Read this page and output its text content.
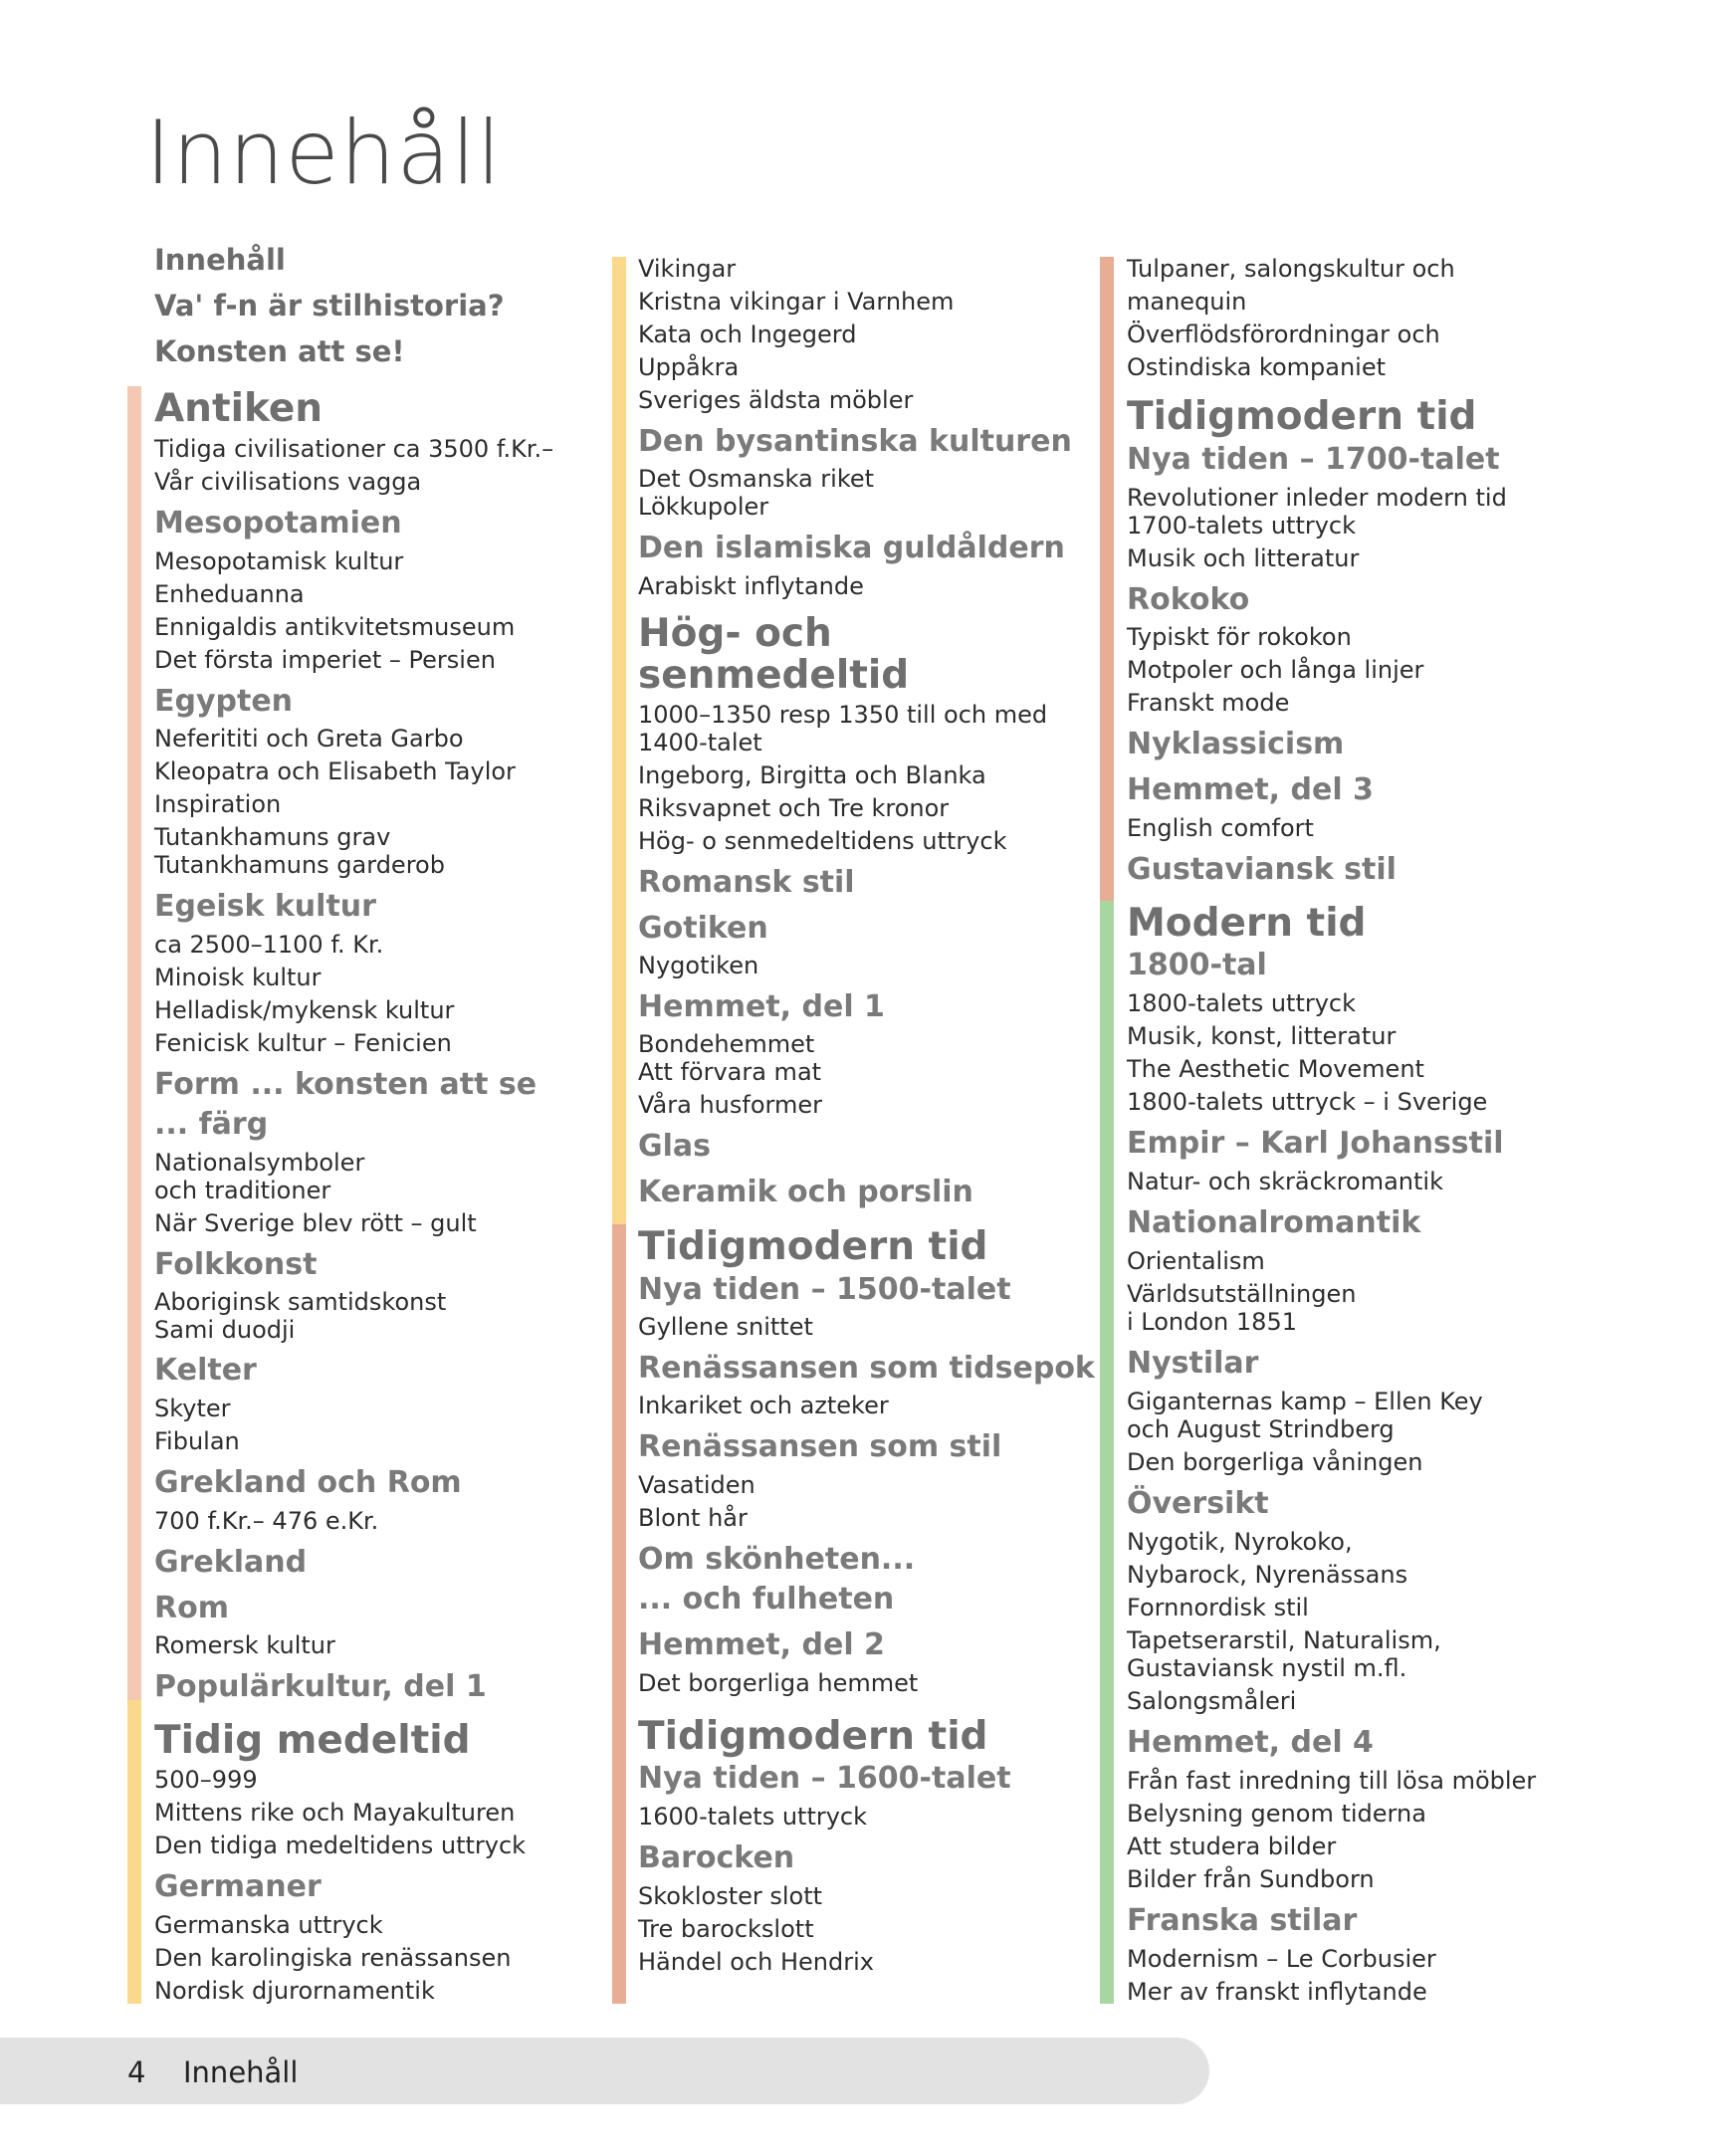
Innehåll
Innehåll
Va' f-n är stilhistoria?
Konsten att se!
Antiken
Tidiga civilisationer ca 3500 f.Kr.–
Vår civilisations vagga
Mesopotamien
Mesopotamisk kultur
Enheduanna
Ennigaldis antikvitetsmuseum
Det första imperiet – Persien
Egypten
Neferititi och Greta Garbo
Kleopatra och Elisabeth Taylor
Inspiration
Tutankhamuns grav
Tutankhamuns garderob
Egeisk kultur
ca 2500–1100 f. Kr.
Minoisk kultur
Helladisk/mykensk kultur
Fenicisk kultur – Fenicien
Form ... konsten att se
... färg
Nationalsymboler
och traditioner
När Sverige blev rött – gult
Folkkonst
Aboriginsk samtidskonst
Sami duodji
Kelter
Skyter
Fibulan
Grekland och Rom
700 f.Kr.– 476 e.Kr.
Grekland
Rom
Romersk kultur
Populärkultur, del 1
Tidig medeltid
500–999
Mittens rike och Mayakulturen
Den tidiga medeltidens uttryck
Germaner
Germanska uttryck
Den karolingiska renässansen
Nordisk djurornamentik
Vikingar
Kristna vikingar i Varnhem
Kata och Ingegerd
Uppåkra
Sveriges äldsta möbler
Den bysantinska kulturen
Det Osmanska riket
Lökkupoler
Den islamiska guldåldern
Arabiskt inflytande
Hög- och
senmedeltid
1000–1350 resp 1350 till och med
1400-talet
Ingeborg, Birgitta och Blanka
Riksvapnet och Tre kronor
Hög- o senmedeltidens uttryck
Romansk stil
Gotiken
Nygotiken
Hemmet, del 1
Bondehemmet
Att förvara mat
Våra husformer
Glas
Keramik och porslin
Tidigmodern tid
Nya tiden – 1500-talet
Gyllene snittet
Renässansen som tidsepok
Inkariket och azteker
Renässansen som stil
Vasatiden
Blont hår
Om skönheten...
... och fulheten
Hemmet, del 2
Det borgerliga hemmet
Tidigmodern tid
Nya tiden – 1600-talet
1600-talets uttryck
Barocken
Skokloster slott
Tre barockslott
Händel och Hendrix
Tulpaner, salongskultur och
manequin
Överflödsförordningar och
Ostindiska kompaniet
Tidigmodern tid
Nya tiden – 1700-talet
Revolutioner inleder modern tid
1700-talets uttryck
Musik och litteratur
Rokoko
Typiskt för rokokon
Motpoler och långa linjer
Franskt mode
Nyklassicism
Hemmet, del 3
English comfort
Gustaviansk stil
Modern tid
1800-tal
1800-talets uttryck
Musik, konst, litteratur
The Aesthetic Movement
1800-talets uttryck – i Sverige
Empir – Karl Johansstil
Natur- och skräckromantik
Nationalromantik
Orientalism
Världsutställningen
i London 1851
Nystilar
Giganternas kamp – Ellen Key
och August Strindberg
Den borgerliga våningen
Översikt
Nygotik, Nyrokoko,
Nybarock, Nyrenässans
Fornnordisk stil
Tapetserarstil, Naturalism,
Gustaviansk nystil m.fl.
Salongsmåleri
Hemmet, del 4
Från fast inredning till lösa möbler
Belysning genom tiderna
Att studera bilder
Bilder från Sundborn
Franska stilar
Modernism – Le Corbusier
Mer av franskt inflytande
4 Innehåll
